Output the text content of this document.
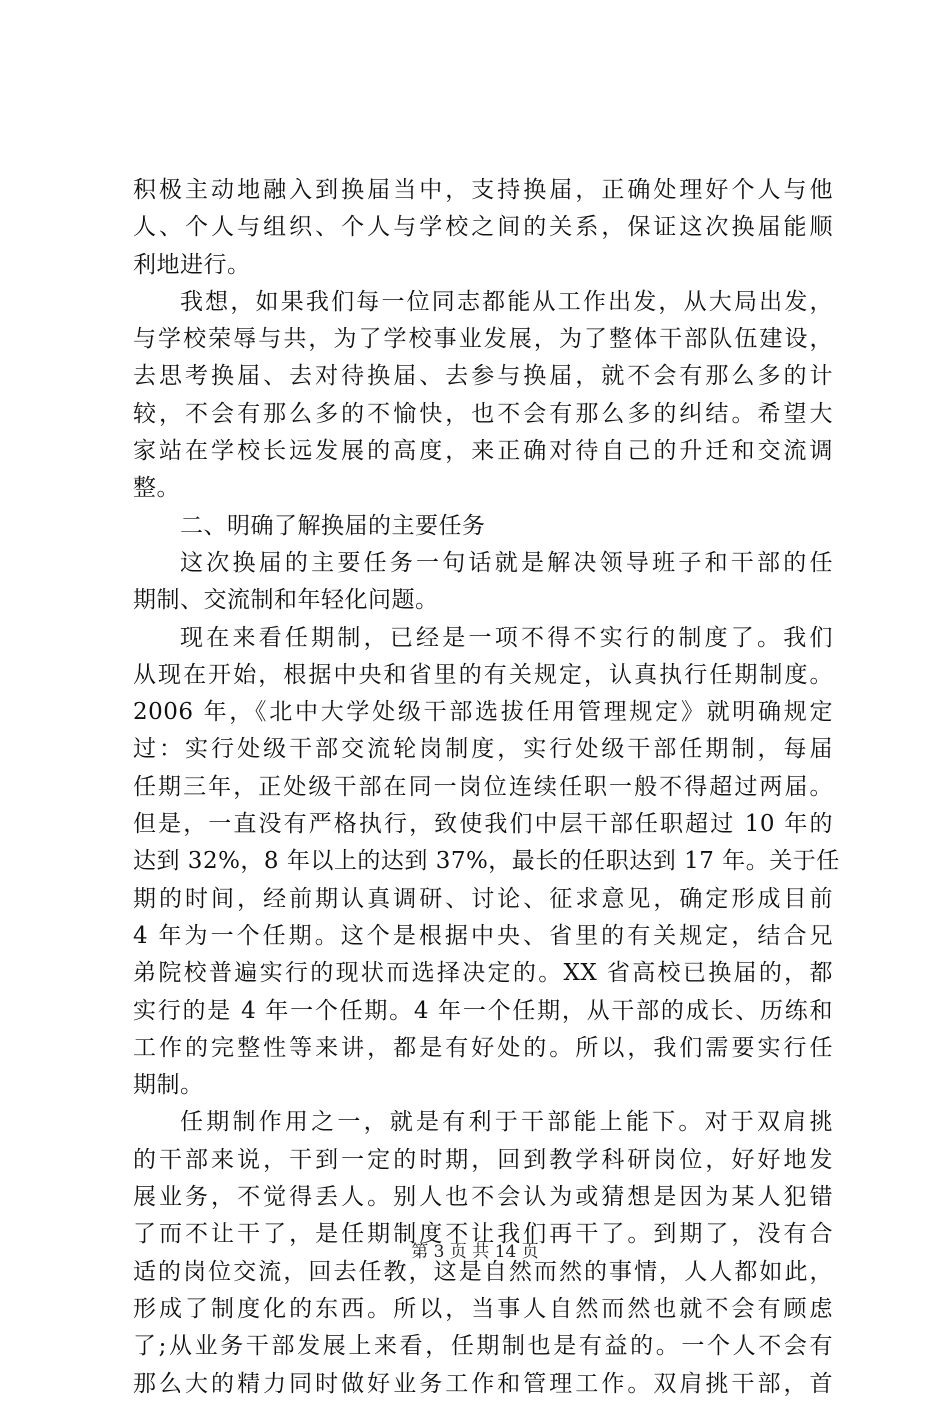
积极主动地融入到换届当中，支持换届，正确处理好个人与他
人、个人与组织、个人与学校之间的关系，保证这次换届能顺
利地进行。
我想，如果我们每一位同志都能从工作出发，从大局出发，
与学校荣辱与共，为了学校事业发展，为了整体干部队伍建设，
去思考换届、去对待换届、去参与换届，就不会有那么多的计
较，不会有那么多的不愉快，也不会有那么多的纠结。希望大
家站在学校长远发展的高度，来正确对待自己的升迁和交流调
整。
二、明确了解换届的主要任务
这次换届的主要任务一句话就是解决领导班子和干部的任
期制、交流制和年轻化问题。
现在来看任期制，已经是一项不得不实行的制度了。我们
从现在开始，根据中央和省里的有关规定，认真执行任期制度。
2006 年，《北中大学处级干部选拔任用管理规定》就明确规定
过：实行处级干部交流轮岗制度，实行处级干部任期制，每届
任期三年，正处级干部在同一岗位连续任职一般不得超过两届。
但是，一直没有严格执行，致使我们中层干部任职超过 10 年的
达到 32%，8 年以上的达到 37%，最长的任职达到 17 年。关于任
期的时间，经前期认真调研、讨论、征求意见，确定形成目前
4 年为一个任期。这个是根据中央、省里的有关规定，结合兄
弟院校普遍实行的现状而选择决定的。XX 省高校已换届的，都
实行的是 4 年一个任期。4 年一个任期，从干部的成长、历练和
工作的完整性等来讲，都是有好处的。所以，我们需要实行任
期制。
任期制作用之一，就是有利于干部能上能下。对于双肩挑
的干部来说，干到一定的时期，回到教学科研岗位，好好地发
展业务，不觉得丢人。别人也不会认为或猜想是因为某人犯错
了而不让干了，是任期制度不让我们再干了。到期了，没有合
适的岗位交流，回去任教，这是自然而然的事情，人人都如此，
形成了制度化的东西。所以，当事人自然而然也就不会有顾虑
了;从业务干部发展上来看，任期制也是有益的。一个人不会有
那么大的精力同时做好业务工作和管理工作。双肩挑干部，首
第 3 页 共 14 页
